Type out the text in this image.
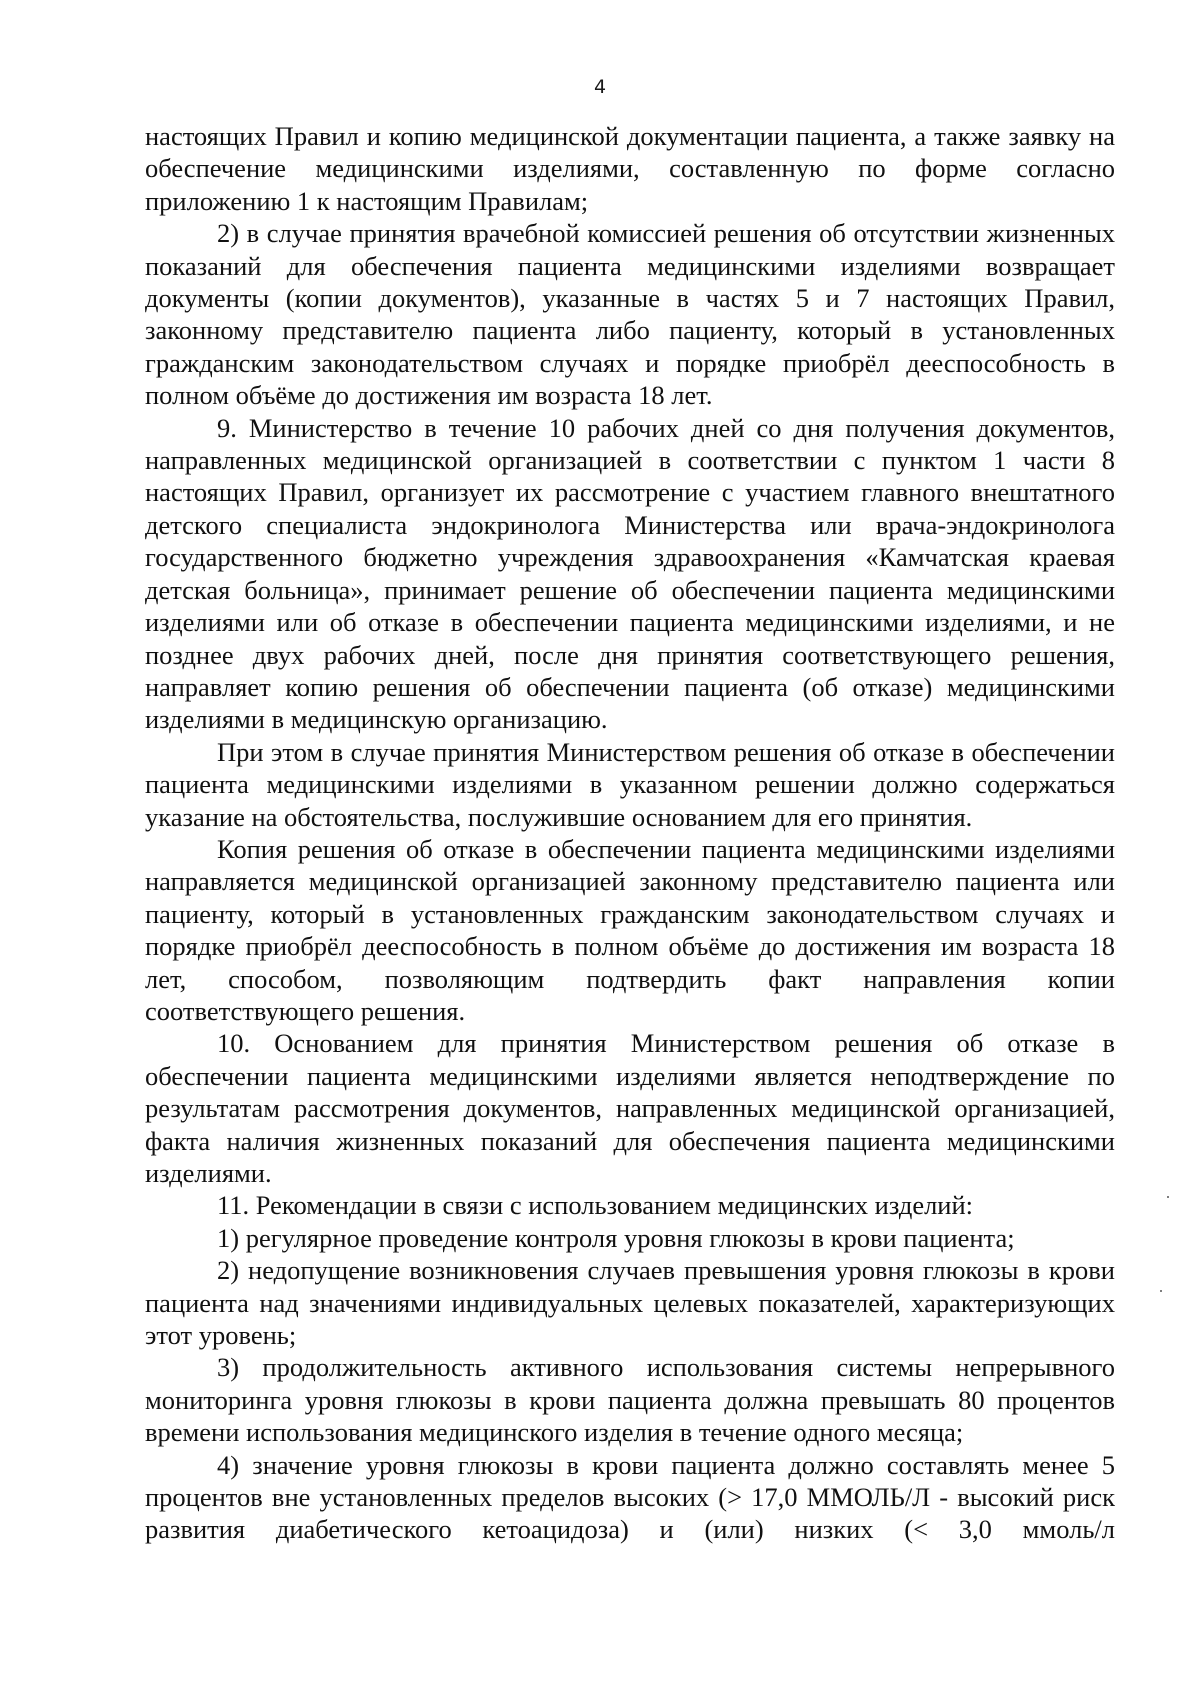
4

настоящих Правил и копию медицинской документации пациента, а также заявку на обеспечение медицинскими изделиями, составленную по форме согласно приложению 1 к настоящим Правилам;

2) в случае принятия врачебной комиссией решения об отсутствии жизненных показаний для обеспечения пациента медицинскими изделиями возвращает документы (копии документов), указанные в частях 5 и 7 настоящих Правил, законному представителю пациента либо пациенту, который в установленных гражданским законодательством случаях и порядке приобрёл дееспособность в полном объёме до достижения им возраста 18 лет.

9. Министерство в течение 10 рабочих дней со дня получения документов, направленных медицинской организацией в соответствии с пунктом 1 части 8 настоящих Правил, организует их рассмотрение с участием главного внештатного детского специалиста эндокринолога Министерства или врача-эндокринолога государственного бюджетно учреждения здравоохранения «Камчатская краевая детская больница», принимает решение об обеспечении пациента медицинскими изделиями или об отказе в обеспечении пациента медицинскими изделиями, и не позднее двух рабочих дней, после дня принятия соответствующего решения, направляет копию решения об обеспечении пациента (об отказе) медицинскими изделиями в медицинскую организацию.

При этом в случае принятия Министерством решения об отказе в обеспечении пациента медицинскими изделиями в указанном решении должно содержаться указание на обстоятельства, послужившие основанием для его принятия.

Копия решения об отказе в обеспечении пациента медицинскими изделиями направляется медицинской организацией законному представителю пациента или пациенту, который в установленных гражданским законодательством случаях и порядке приобрёл дееспособность в полном объёме до достижения им возраста 18 лет, способом, позволяющим подтвердить факт направления копии соответствующего решения.

10. Основанием для принятия Министерством решения об отказе в обеспечении пациента медицинскими изделиями является неподтверждение по результатам рассмотрения документов, направленных медицинской организацией, факта наличия жизненных показаний для обеспечения пациента медицинскими изделиями.

11. Рекомендации в связи с использованием медицинских изделий:

1) регулярное проведение контроля уровня глюкозы в крови пациента;

2) недопущение возникновения случаев превышения уровня глюкозы в крови пациента над значениями индивидуальных целевых показателей, характеризующих этот уровень;

3) продолжительность активного использования системы непрерывного мониторинга уровня глюкозы в крови пациента должна превышать 80 процентов времени использования медицинского изделия в течение одного месяца;

4) значение уровня глюкозы в крови пациента должно составлять менее 5 процентов вне установленных пределов высоких (> 17,0 ММОЛЬ/Л - высокий риск развития диабетического кетоацидоза) и (или) низких (< 3,0 ммоль/л
